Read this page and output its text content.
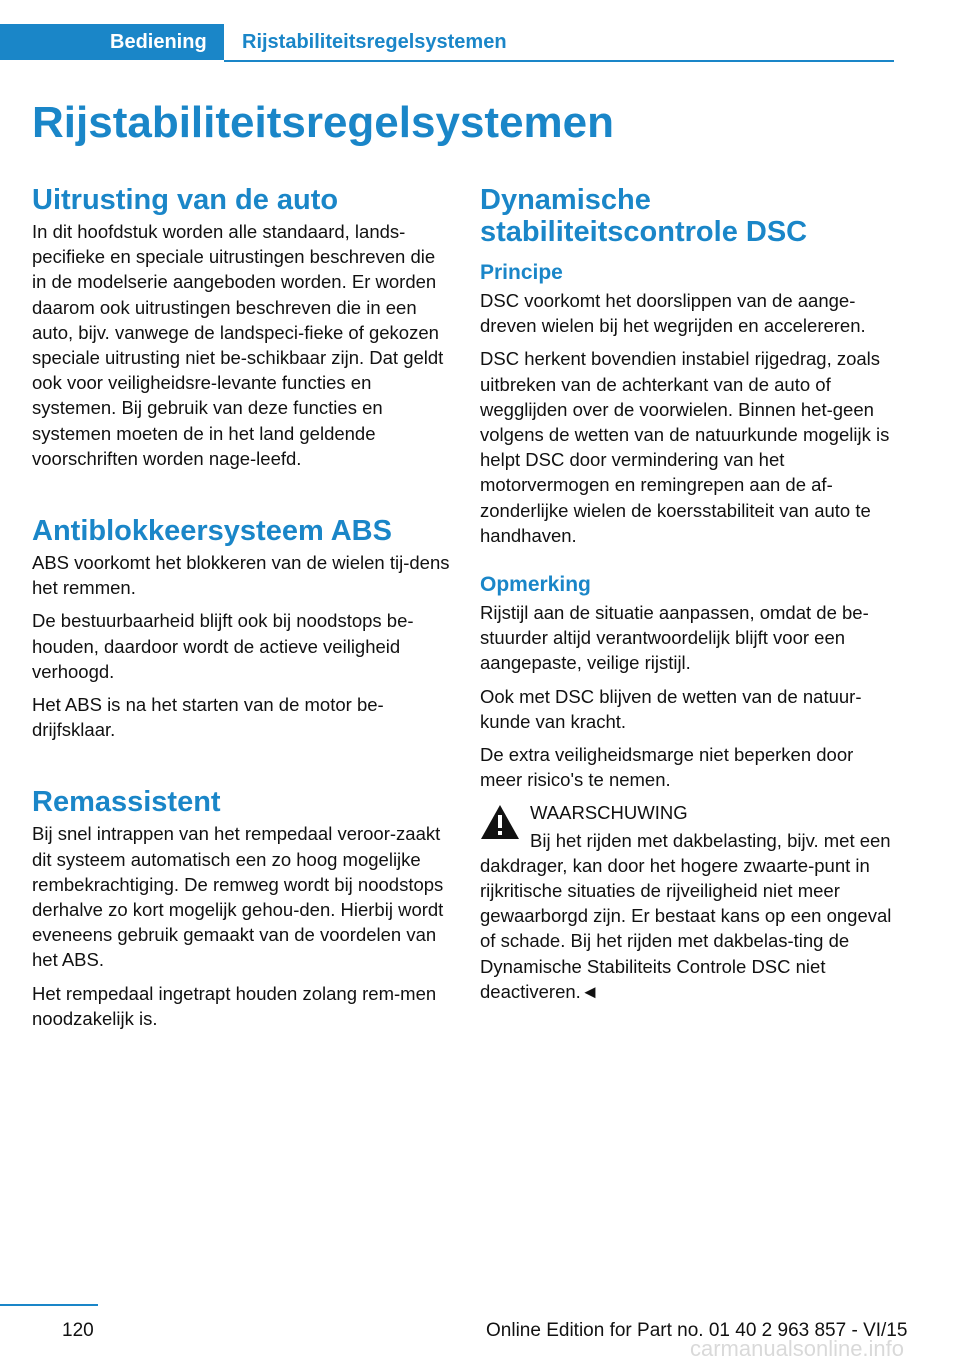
Bediening Rijstabiliteitsregelsystemen
Rijstabiliteitsregelsystemen
Uitrusting van de auto

In dit hoofdstuk worden alle standaard, lands-pecifieke en speciale uitrustingen beschreven die in de modelserie aangeboden worden. Er worden daarom ook uitrustingen beschreven die in een auto, bijv. vanwege de landspeci-fieke of gekozen speciale uitrusting niet be-schikbaar zijn. Dat geldt ook voor veiligheidsre-levante functies en systemen. Bij gebruik van deze functies en systemen moeten de in het land geldende voorschriften worden nage-leefd.

Antiblokkeersysteem ABS

ABS voorkomt het blokkeren van de wielen tij-dens het remmen.

De bestuurbaarheid blijft ook bij noodstops be-houden, daardoor wordt de actieve veiligheid verhoogd.

Het ABS is na het starten van de motor be-drijfsklaar.

Remassistent

Bij snel intrappen van het rempedaal veroor-zaakt dit systeem automatisch een zo hoog mogelijke rembekrachtiging. De remweg wordt bij noodstops derhalve zo kort mogelijk gehou-den. Hierbij wordt eveneens gebruik gemaakt van de voordelen van het ABS.

Het rempedaal ingetrapt houden zolang rem-men noodzakelijk is.

Dynamische stabiliteitscontrole DSC
Principe

DSC voorkomt het doorslippen van de aange-dreven wielen bij het wegrijden en accelereren.

DSC herkent bovendien instabiel rijgedrag, zoals uitbreken van de achterkant van de auto of wegglijden over de voorwielen. Binnen het-geen volgens de wetten van de natuurkunde mogelijk is helpt DSC door vermindering van het motorvermogen en remingrepen aan de af-zonderlijke wielen de koersstabiliteit van auto te handhaven.

Opmerking

Rijstijl aan de situatie aanpassen, omdat de be-stuurder altijd verantwoordelijk blijft voor een aangepaste, veilige rijstijl.

Ook met DSC blijven de wetten van de natuur-kunde van kracht.

De extra veiligheidsmarge niet beperken door meer risico's te nemen.

WAARSCHUWING

Bij het rijden met dakbelasting, bijv. met een dakdrager, kan door het hogere zwaarte-punt in rijkritische situaties de rijveiligheid niet meer gewaarborgd zijn. Er bestaat kans op een ongeval of schade. Bij het rijden met dakbelas-ting de Dynamische Stabiliteits Controle DSC niet deactiveren.◄

120	Online Edition for Part no. 01 40 2 963 857 - VI/15
carmanualsonline.info
